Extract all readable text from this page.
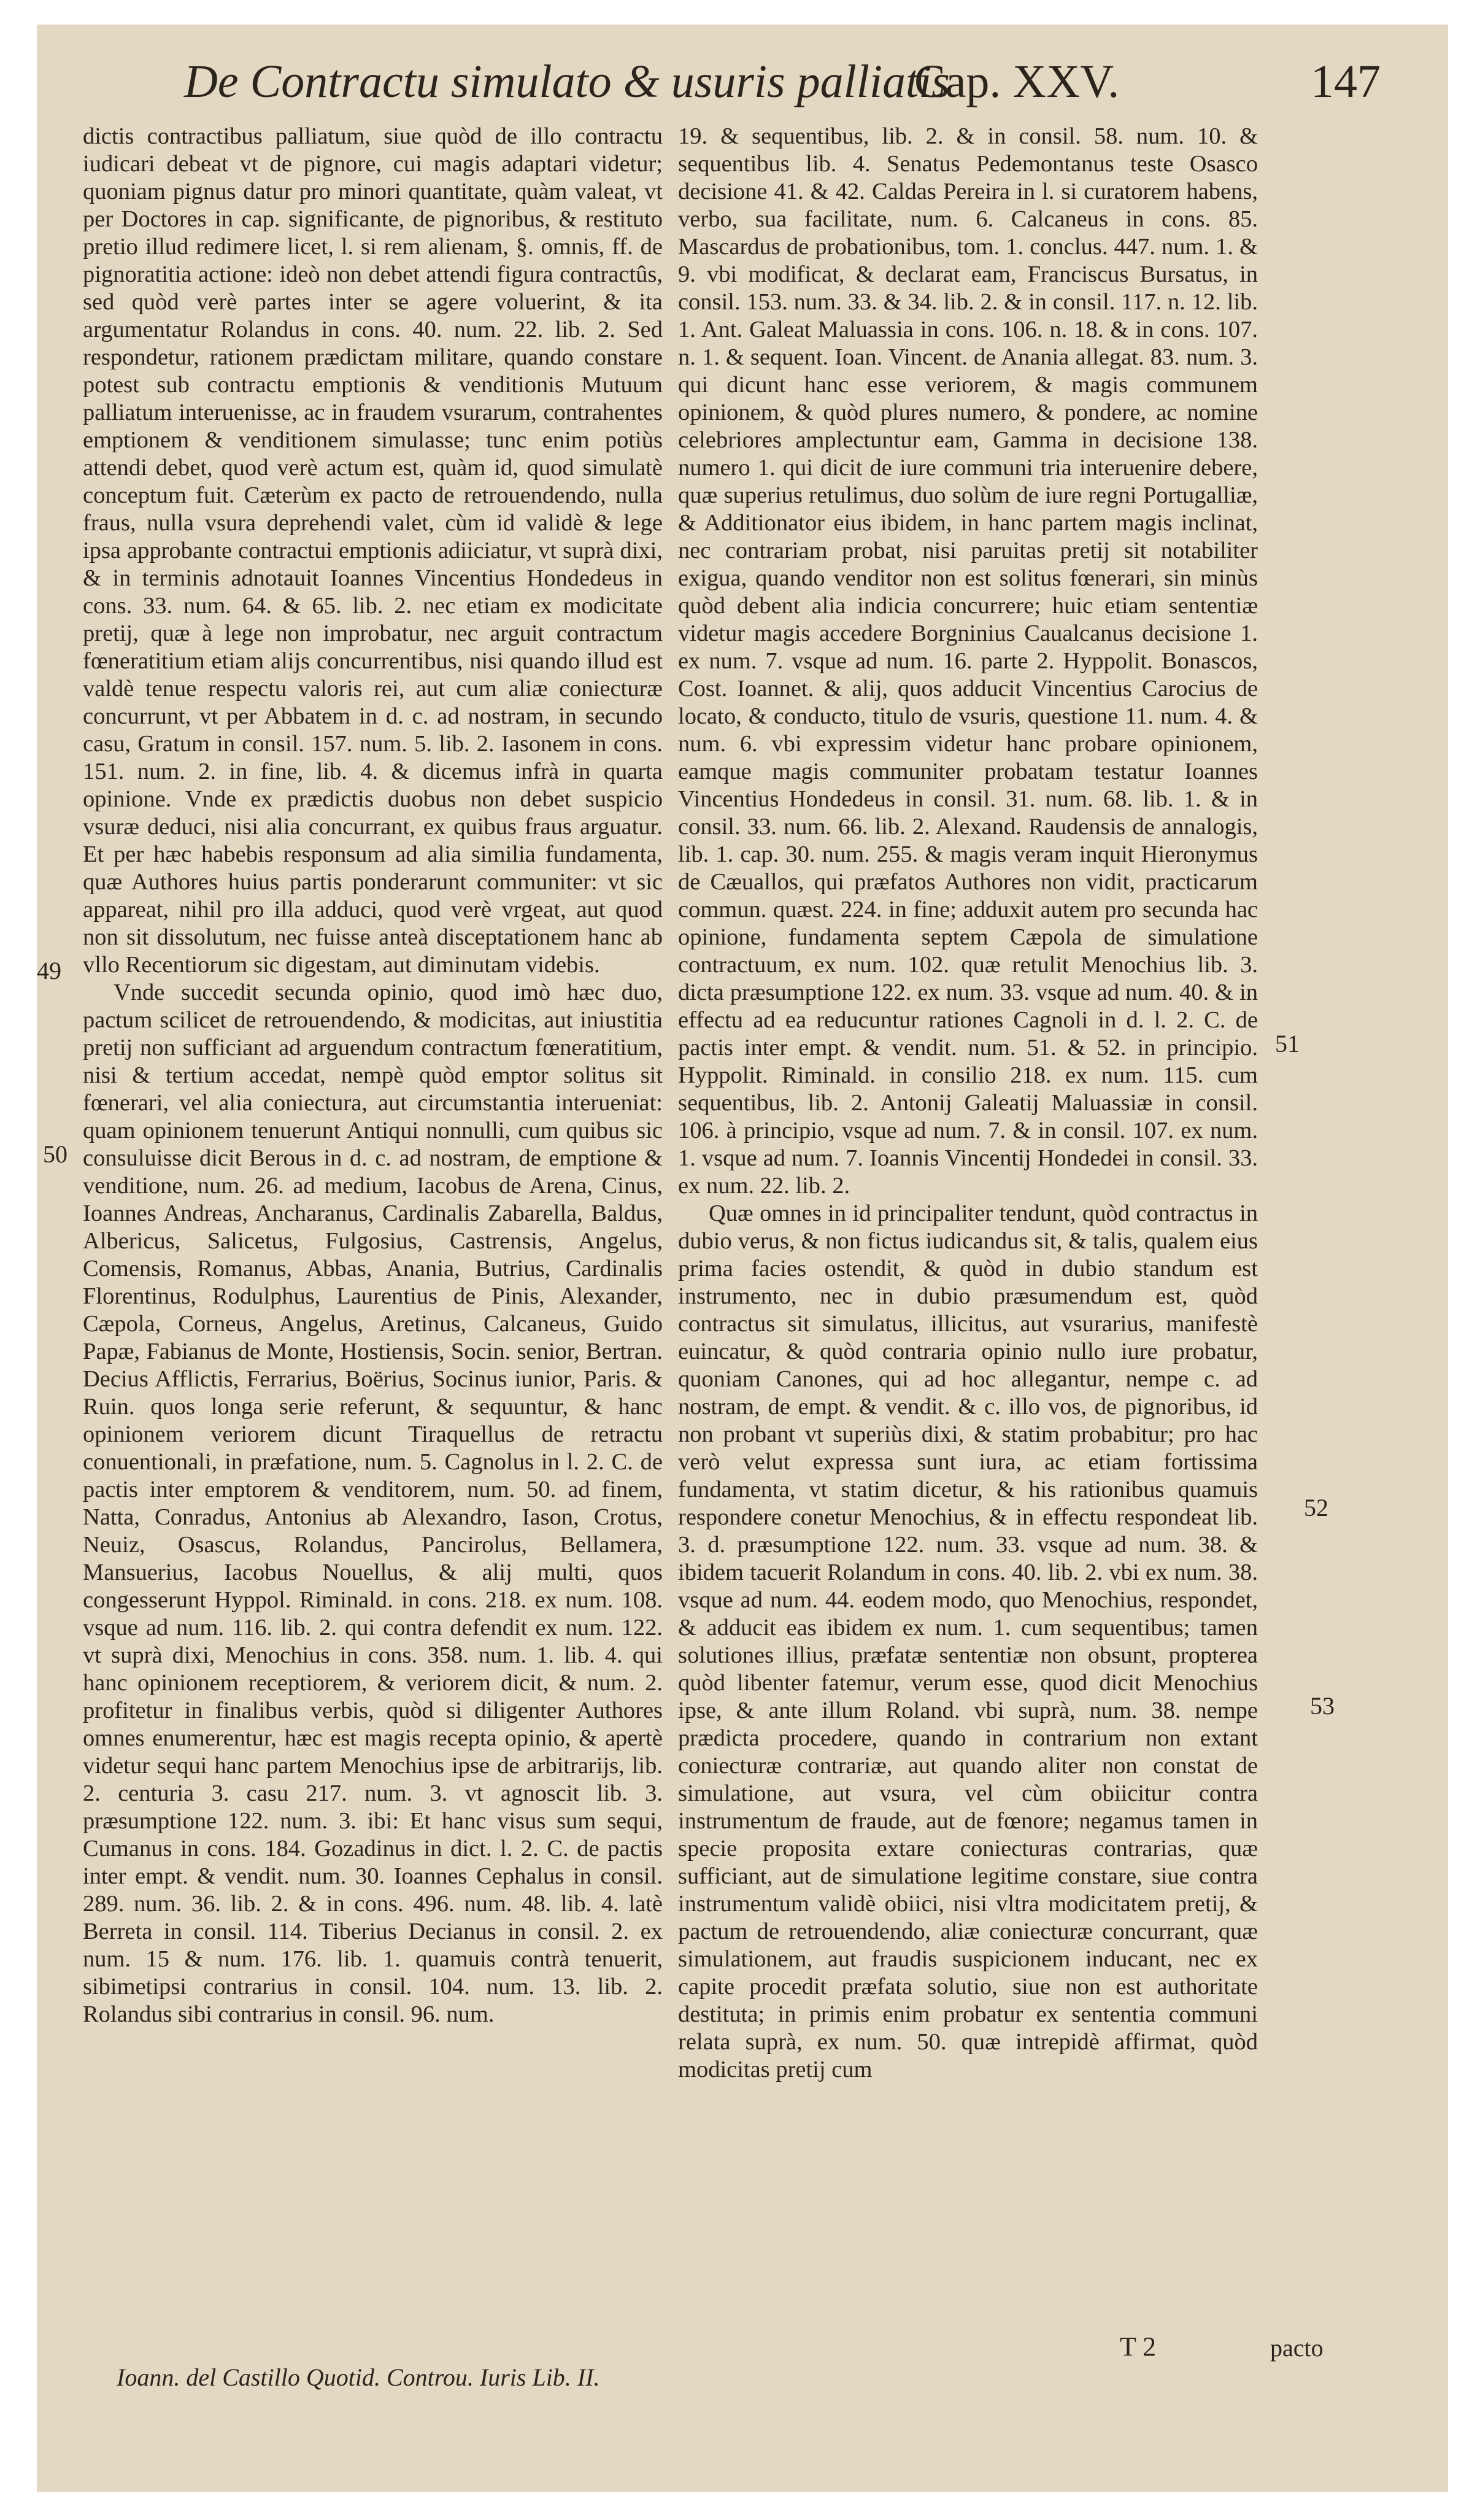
De Contractu simulato & usuris palliatis
Cap. XXV.	147

dictis contractibus palliatum, siue quòd de illo contractu iudicari debeat vt de pignore, cui magis adaptari videtur; quoniam pignus datur pro minori quantitate, quàm valeat, vt per Doctores in cap. significante, de pignoribus, & restituto pretio illud redimere licet, l. si rem alienam, §. omnis, ff. de pignoratitia actione: ideò non debet attendi figura contractûs, sed quòd verè partes inter se agere voluerint, & ita argumentatur Rolandus in cons. 40. num. 22. lib. 2. Sed respondetur, rationem prædictam militare, quando constare potest sub contractu emptionis & venditionis Mutuum palliatum interuenisse, ac in fraudem vsurarum, contrahentes emptionem & venditionem simulasse; tunc enim potiùs attendi debet, quod verè actum est, quàm id, quod simulatè conceptum fuit. Cæterùm ex pacto de retrouendendo, nulla fraus, nulla vsura deprehendi valet, cùm id validè & lege ipsa approbante contractui emptionis adiiciatur, vt suprà dixi, & in terminis adnotauit Ioannes Vincentius Hondedeus in cons. 33. num. 64. & 65. lib. 2. nec etiam ex modicitate pretij, quæ à lege non improbatur, nec arguit contractum fœneratitium etiam alijs concurrentibus, nisi quando illud est valdè tenue respectu valoris rei, aut cum aliæ coniecturæ concurrunt, vt per Abbatem in d. c. ad nostram, in secundo casu, Gratum in consil. 157. num. 5. lib. 2. Iasonem in cons. 151. num. 2. in fine, lib. 4. & dicemus infrà in quarta opinione. Vnde ex prædictis duobus non debet suspicio vsuræ deduci, nisi alia concurrant, ex quibus fraus arguatur. Et per hæc habebis responsum ad alia similia fundamenta, quæ Authores huius partis ponderarunt communiter: vt sic appareat, nihil pro illa adduci, quod verè vrgeat, aut quod non sit dissolutum, nec fuisse anteà disceptationem hanc ab vllo Recentiorum sic digestam, aut diminutam videbis.

Vnde succedit secunda opinio, quod imò hæc duo, pactum scilicet de retrouendendo, & modicitas, aut iniustitia pretij non sufficiant ad arguendum contractum fœneratitium, nisi & tertium accedat, nempè quòd emptor solitus sit fœnerari, vel alia coniectura, aut circumstantia interueniat: quam opinionem tenuerunt Antiqui nonnulli, cum quibus sic consuluisse dicit Berous in d. c. ad nostram, de emptione & venditione, num. 26. ad medium, Iacobus de Arena, Cinus, Ioannes Andreas, Ancharanus, Cardinalis Zabarella, Baldus, Albericus, Salicetus, Fulgosius, Castrensis, Angelus, Comensis, Romanus, Abbas, Anania, Butrius, Cardinalis Florentinus, Rodulphus, Laurentius de Pinis, Alexander, Cæpola, Corneus, Angelus, Aretinus, Calcaneus, Guido Papæ, Fabianus de Monte, Hostiensis, Socin. senior, Bertran. Decius Afflictis, Ferrarius, Boërius, Socinus iunior, Paris. & Ruin. quos longa serie referunt, & sequuntur, & hanc opinionem veriorem dicunt Tiraquellus de retractu conuentionali, in præfatione, num. 5. Cagnolus in l. 2. C. de pactis inter emptorem & venditorem, num. 50. ad finem, Natta, Conradus, Antonius ab Alexandro, Iason, Crotus, Neuiz, Osascus, Rolandus, Pancirolus, Bellamera, Mansuerius, Iacobus Nouellus, & alij multi, quos congesserunt Hyppol. Riminald. in cons. 218. ex num. 108. vsque ad num. 116. lib. 2. qui contra defendit ex num. 122. vt suprà dixi, Menochius in cons. 358. num. 1. lib. 4. qui hanc opinionem receptiorem, & veriorem dicit, & num. 2. profitetur in finalibus verbis, quòd si diligenter Authores omnes enumerentur, hæc est magis recepta opinio, & apertè videtur sequi hanc partem Menochius ipse de arbitrarijs, lib. 2. centuria 3. casu 217. num. 3. vt agnoscit lib. 3. præsumptione 122. num. 3. ibi: Et hanc visus sum sequi, Cumanus in cons. 184. Gozadinus in dict. l. 2. C. de pactis inter empt. & vendit. num. 30. Ioannes Cephalus in consil. 289. num. 36. lib. 2. & in cons. 496. num. 48. lib. 4. latè Berreta in consil. 114. Tiberius Decianus in consil. 2. ex num. 15 & num. 176. lib. 1. quamuis contrà tenuerit, sibimetipsi contrarius in consil. 104. num. 13. lib. 2. Rolandus sibi contrarius in consil. 96. num.

19. & sequentibus, lib. 2. & in consil. 58. num. 10. & sequentibus lib. 4. Senatus Pedemontanus teste Osasco decisione 41. & 42. Caldas Pereira in l. si curatorem habens, verbo, sua facilitate, num. 6. Calcaneus in cons. 85. Mascardus de probationibus, tom. 1. conclus. 447. num. 1. & 9. vbi modificat, & declarat eam, Franciscus Bursatus, in consil. 153. num. 33. & 34. lib. 2. & in consil. 117. n. 12. lib. 1. Ant. Galeat Maluassia in cons. 106. n. 18. & in cons. 107. n. 1. & sequent. Ioan. Vincent. de Anania allegat. 83. num. 3. qui dicunt hanc esse veriorem, & magis communem opinionem, & quòd plures numero, & pondere, ac nomine celebriores amplectuntur eam, Gamma in decisione 138. numero 1. qui dicit de iure communi tria interuenire debere, quæ superius retulimus, duo solùm de iure regni Portugalliæ, & Additionator eius ibidem, in hanc partem magis inclinat, nec contrariam probat, nisi paruitas pretij sit notabiliter exigua, quando venditor non est solitus fœnerari, sin minùs quòd debent alia indicia concurrere; huic etiam sententiæ videtur magis accedere Borgninius Caualcanus decisione 1. ex num. 7. vsque ad num. 16. parte 2. Hyppolit. Bonascos, Cost. Ioannet. & alij, quos adducit Vincentius Carocius de locato, & conducto, titulo de vsuris, questione 11. num. 4. & num. 6. vbi expressim videtur hanc probare opinionem, eamque magis communiter probatam testatur Ioannes Vincentius Hondedeus in consil. 31. num. 68. lib. 1. & in consil. 33. num. 66. lib. 2. Alexand. Raudensis de annalogis, lib. 1. cap. 30. num. 255. & magis veram inquit Hieronymus de Cæuallos, qui præfatos Authores non vidit, practicarum commun. quæst. 224. in fine; adduxit autem pro secunda hac opinione, fundamenta septem Cæpola de simulatione contractuum, ex num. 102. quæ retulit Menochius lib. 3. dicta præsumptione 122. ex num. 33. vsque ad num. 40. & in effectu ad ea reducuntur rationes Cagnoli in d. l. 2. C. de pactis inter empt. & vendit. num. 51. & 52. in principio. Hyppolit. Riminald. in consilio 218. ex num. 115. cum sequentibus, lib. 2. Antonij Galeatij Maluassiæ in consil. 106. à principio, vsque ad num. 7. & in consil. 107. ex num. 1. vsque ad num. 7. Ioannis Vincentij Hondedei in consil. 33. ex num. 22. lib. 2.

Quæ omnes in id principaliter tendunt, quòd contractus in dubio verus, & non fictus iudicandus sit, & talis, qualem eius prima facies ostendit, & quòd in dubio standum est instrumento, nec in dubio præsumendum est, quòd contractus sit simulatus, illicitus, aut vsurarius, manifestè euincatur, & quòd contraria opinio nullo iure probatur, quoniam Canones, qui ad hoc allegantur, nempe c. ad nostram, de empt. & vendit. & c. illo vos, de pignoribus, id non probant vt superiùs dixi, & statim probabitur; pro hac verò velut expressa sunt iura, ac etiam fortissima fundamenta, vt statim dicetur, & his rationibus quamuis respondere conetur Menochius, & in effectu respondeat lib. 3. d. præsumptione 122. num. 33. vsque ad num. 38. & ibidem tacuerit Rolandum in cons. 40. lib. 2. vbi ex num. 38. vsque ad num. 44. eodem modo, quo Menochius, respondet, & adducit eas ibidem ex num. 1. cum sequentibus; tamen solutiones illius, præfatæ sententiæ non obsunt, propterea quòd libenter fatemur, verum esse, quod dicit Menochius ipse, & ante illum Roland. vbi suprà, num. 38. nempe prædicta procedere, quando in contrarium non extant coniecturæ contrariæ, aut quando aliter non constat de simulatione, aut vsura, vel cùm obiicitur contra instrumentum de fraude, aut de fœnore; negamus tamen in specie proposita extare coniecturas contrarias, quæ sufficiant, aut de simulatione legitime constare, siue contra instrumentum validè obiici, nisi vltra modicitatem pretij, & pactum de retrouendendo, aliæ coniecturæ concurrant, quæ simulationem, aut fraudis suspicionem inducant, nec ex capite procedit præfata solutio, siue non est authoritate destituta; in primis enim probatur ex sententia communi relata suprà, ex num. 50. quæ intrepidè affirmat, quòd modicitas pretij cum

49
50
51
52
53
Ioann. del Castillo Quotid. Controu. Iuris Lib. II.
T 2	pacto
